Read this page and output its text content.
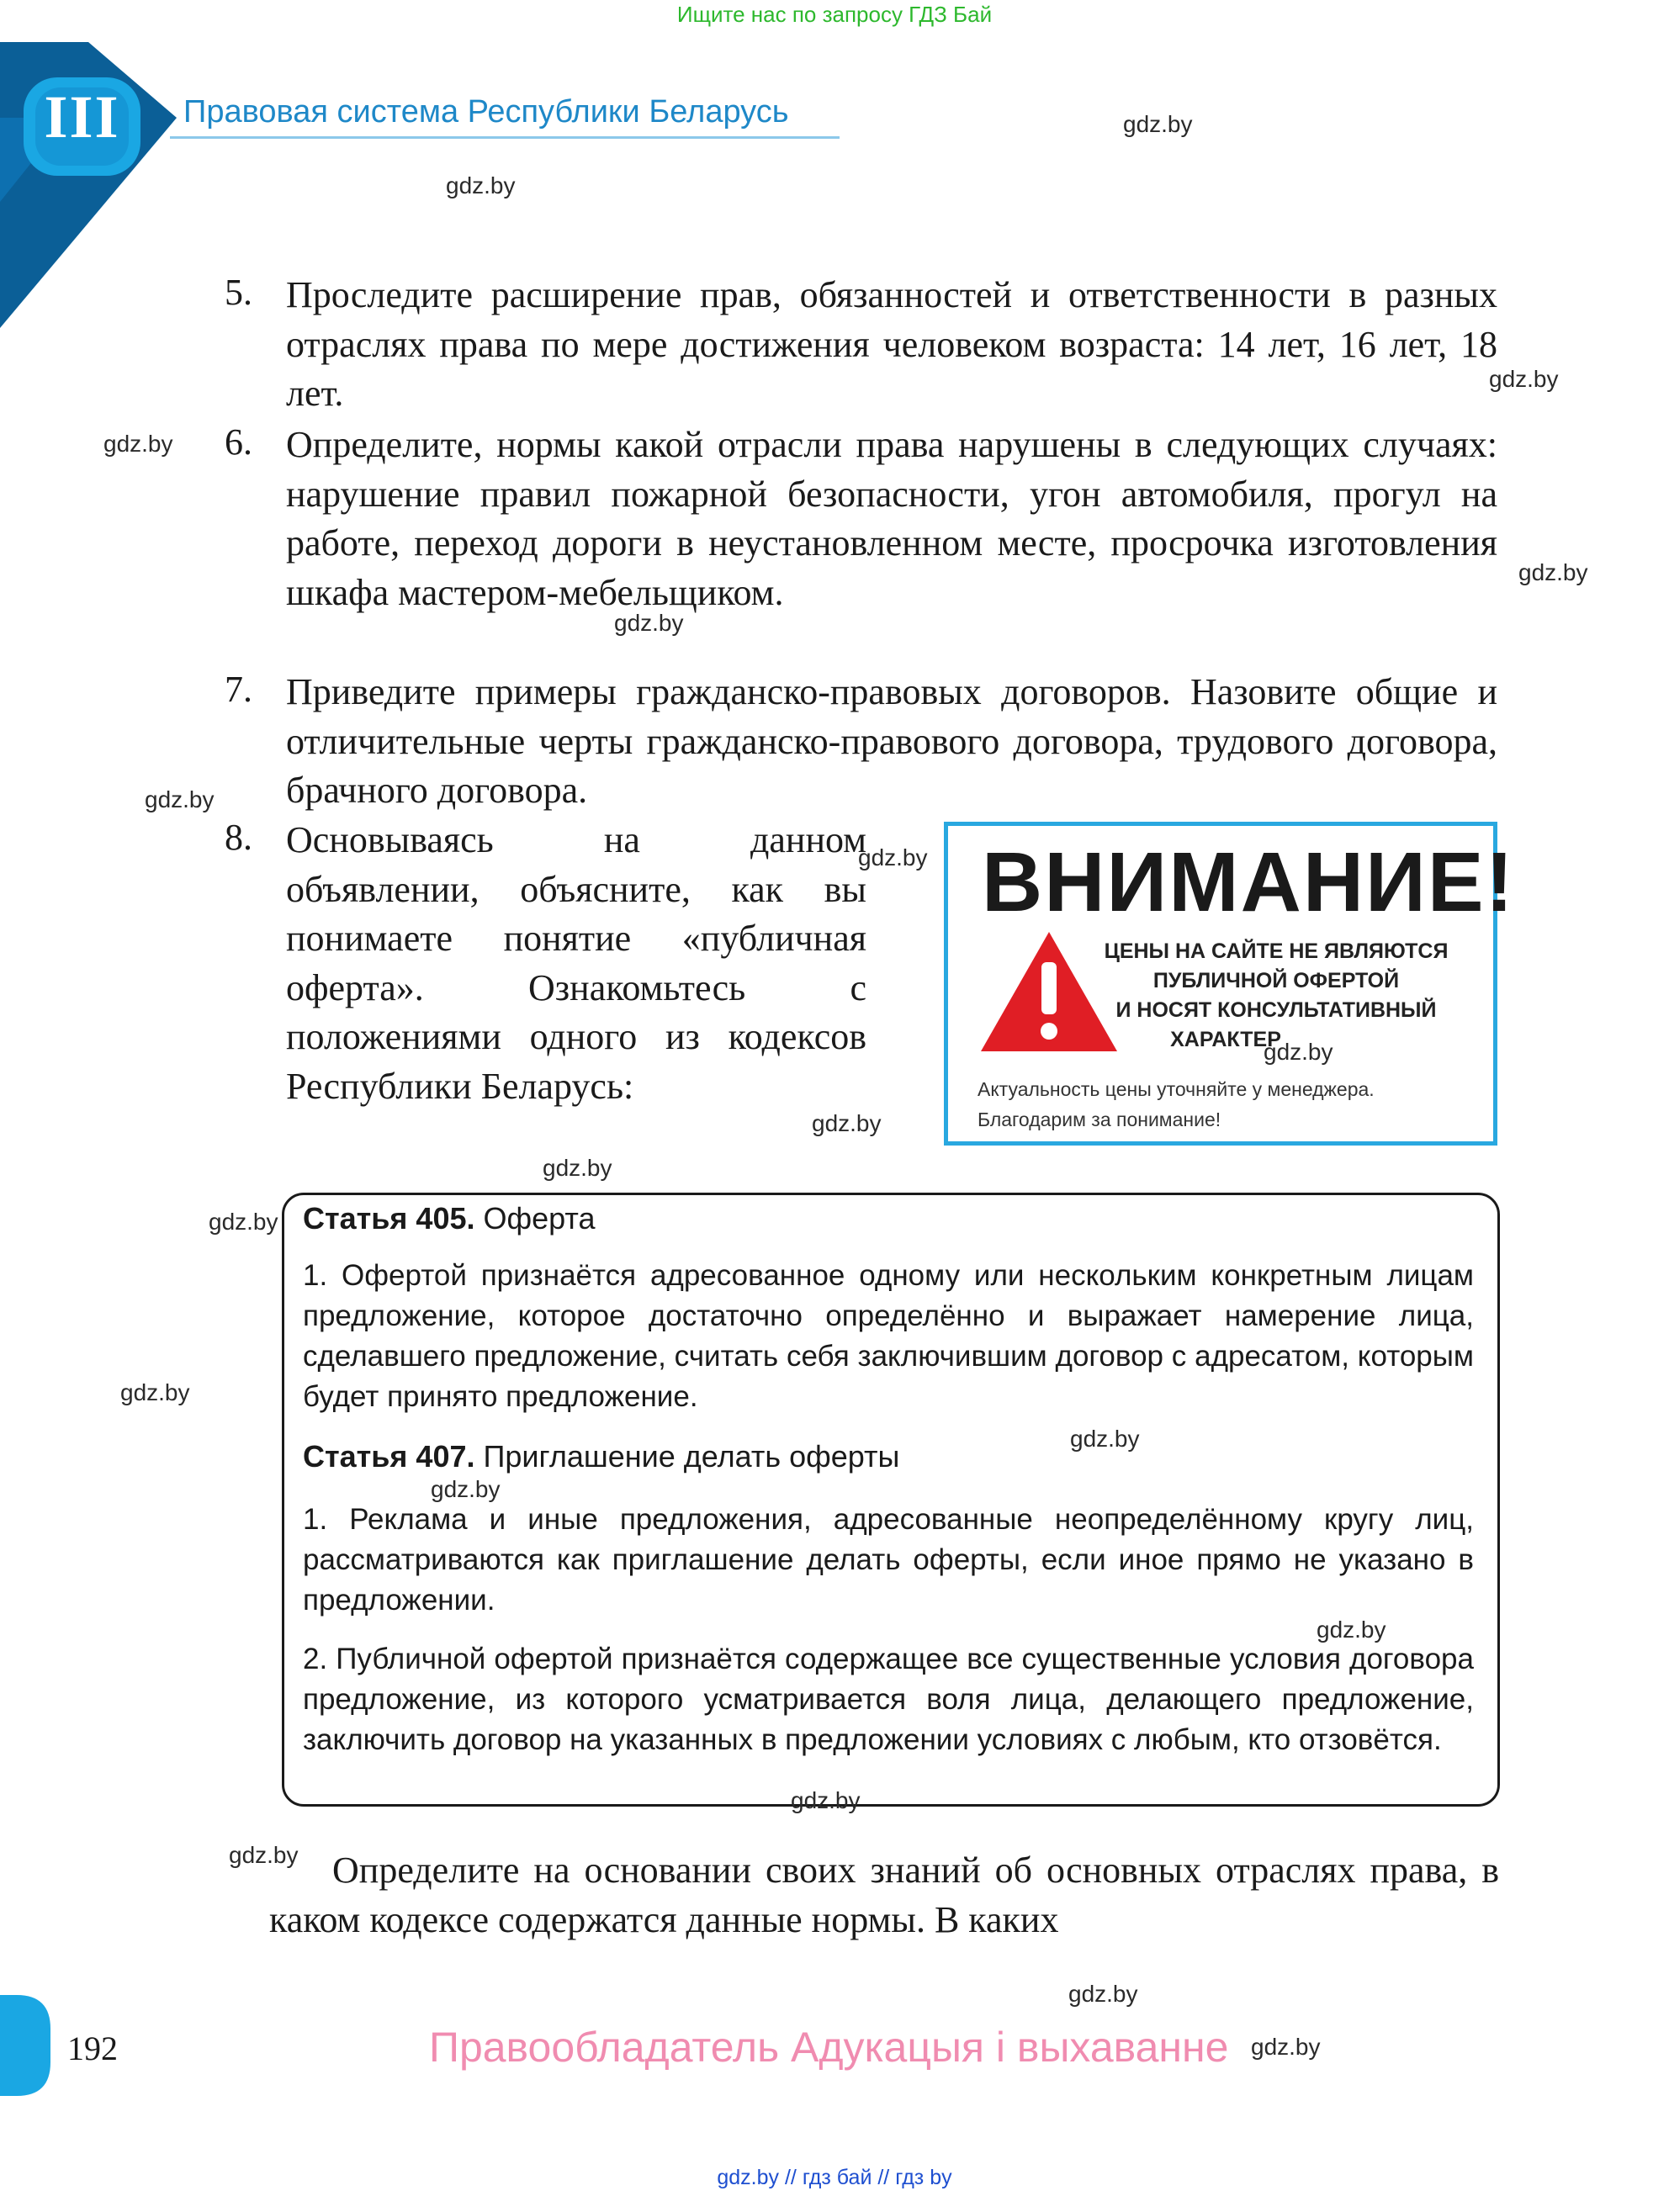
Ищите нас по запросу ГДЗ Бай
III	Правовая система Республики Беларусь
5. Проследите расширение прав, обязанностей и ответственности в разных отраслях права по мере достижения человеком возраста: 14 лет, 16 лет, 18 лет.
6. Определите, нормы какой отрасли права нарушены в следующих случаях: нарушение правил пожарной безопасности, угон автомобиля, прогул на работе, переход дороги в неустановленном месте, просрочка изготовления шкафа мастером-мебельщиком.
7. Приведите примеры гражданско-правовых договоров. Назовите общие и отличительные черты гражданско-правового договора, трудового договора, брачного договора.
8. Основываясь на данном объявлении, объясните, как вы понимаете понятие «публичная оферта». Ознакомьтесь с положениями одного из кодексов Республики Беларусь:
ВНИМАНИЕ!
ЦЕНЫ НА САЙТЕ НЕ ЯВЛЯЮТСЯ
ПУБЛИЧНОЙ ОФЕРТОЙ
И НОСЯТ КОНСУЛЬТАТИВНЫЙ
ХАРАКТЕР
Актуальность цены уточняйте у менеджера.
Благодарим за понимание!
Статья 405. Оферта
1. Офертой признаётся адресованное одному или нескольким конкретным лицам предложение, которое достаточно определённо и выражает намерение лица, сделавшего предложение, считать себя заключившим договор с адресатом, которым будет принято предложение.
Статья 407. Приглашение делать оферты
1. Реклама и иные предложения, адресованные неопределённому кругу лиц, рассматриваются как приглашение делать оферты, если иное прямо не указано в предложении.
2. Публичной офертой признаётся содержащее все существенные условия договора предложение, из которого усматривается воля лица, делающего предложение, заключить договор на указанных в предложении условиях с любым, кто отзовётся.
Определите на основании своих знаний об основных отраслях права, в каком кодексе содержатся данные нормы. В каких
gdz.by
gdz.by
gdz.by
gdz.by
gdz.by
gdz.by
gdz.by
gdz.by
gdz.by
gdz.by
gdz.by
gdz.by
gdz.by
gdz.by
gdz.by
gdz.by
gdz.by
gdz.by
gdz.by
gdz.by
192	Правообладатель Адукацыя і выхаванне
gdz.by // гдз бай // гдз by
